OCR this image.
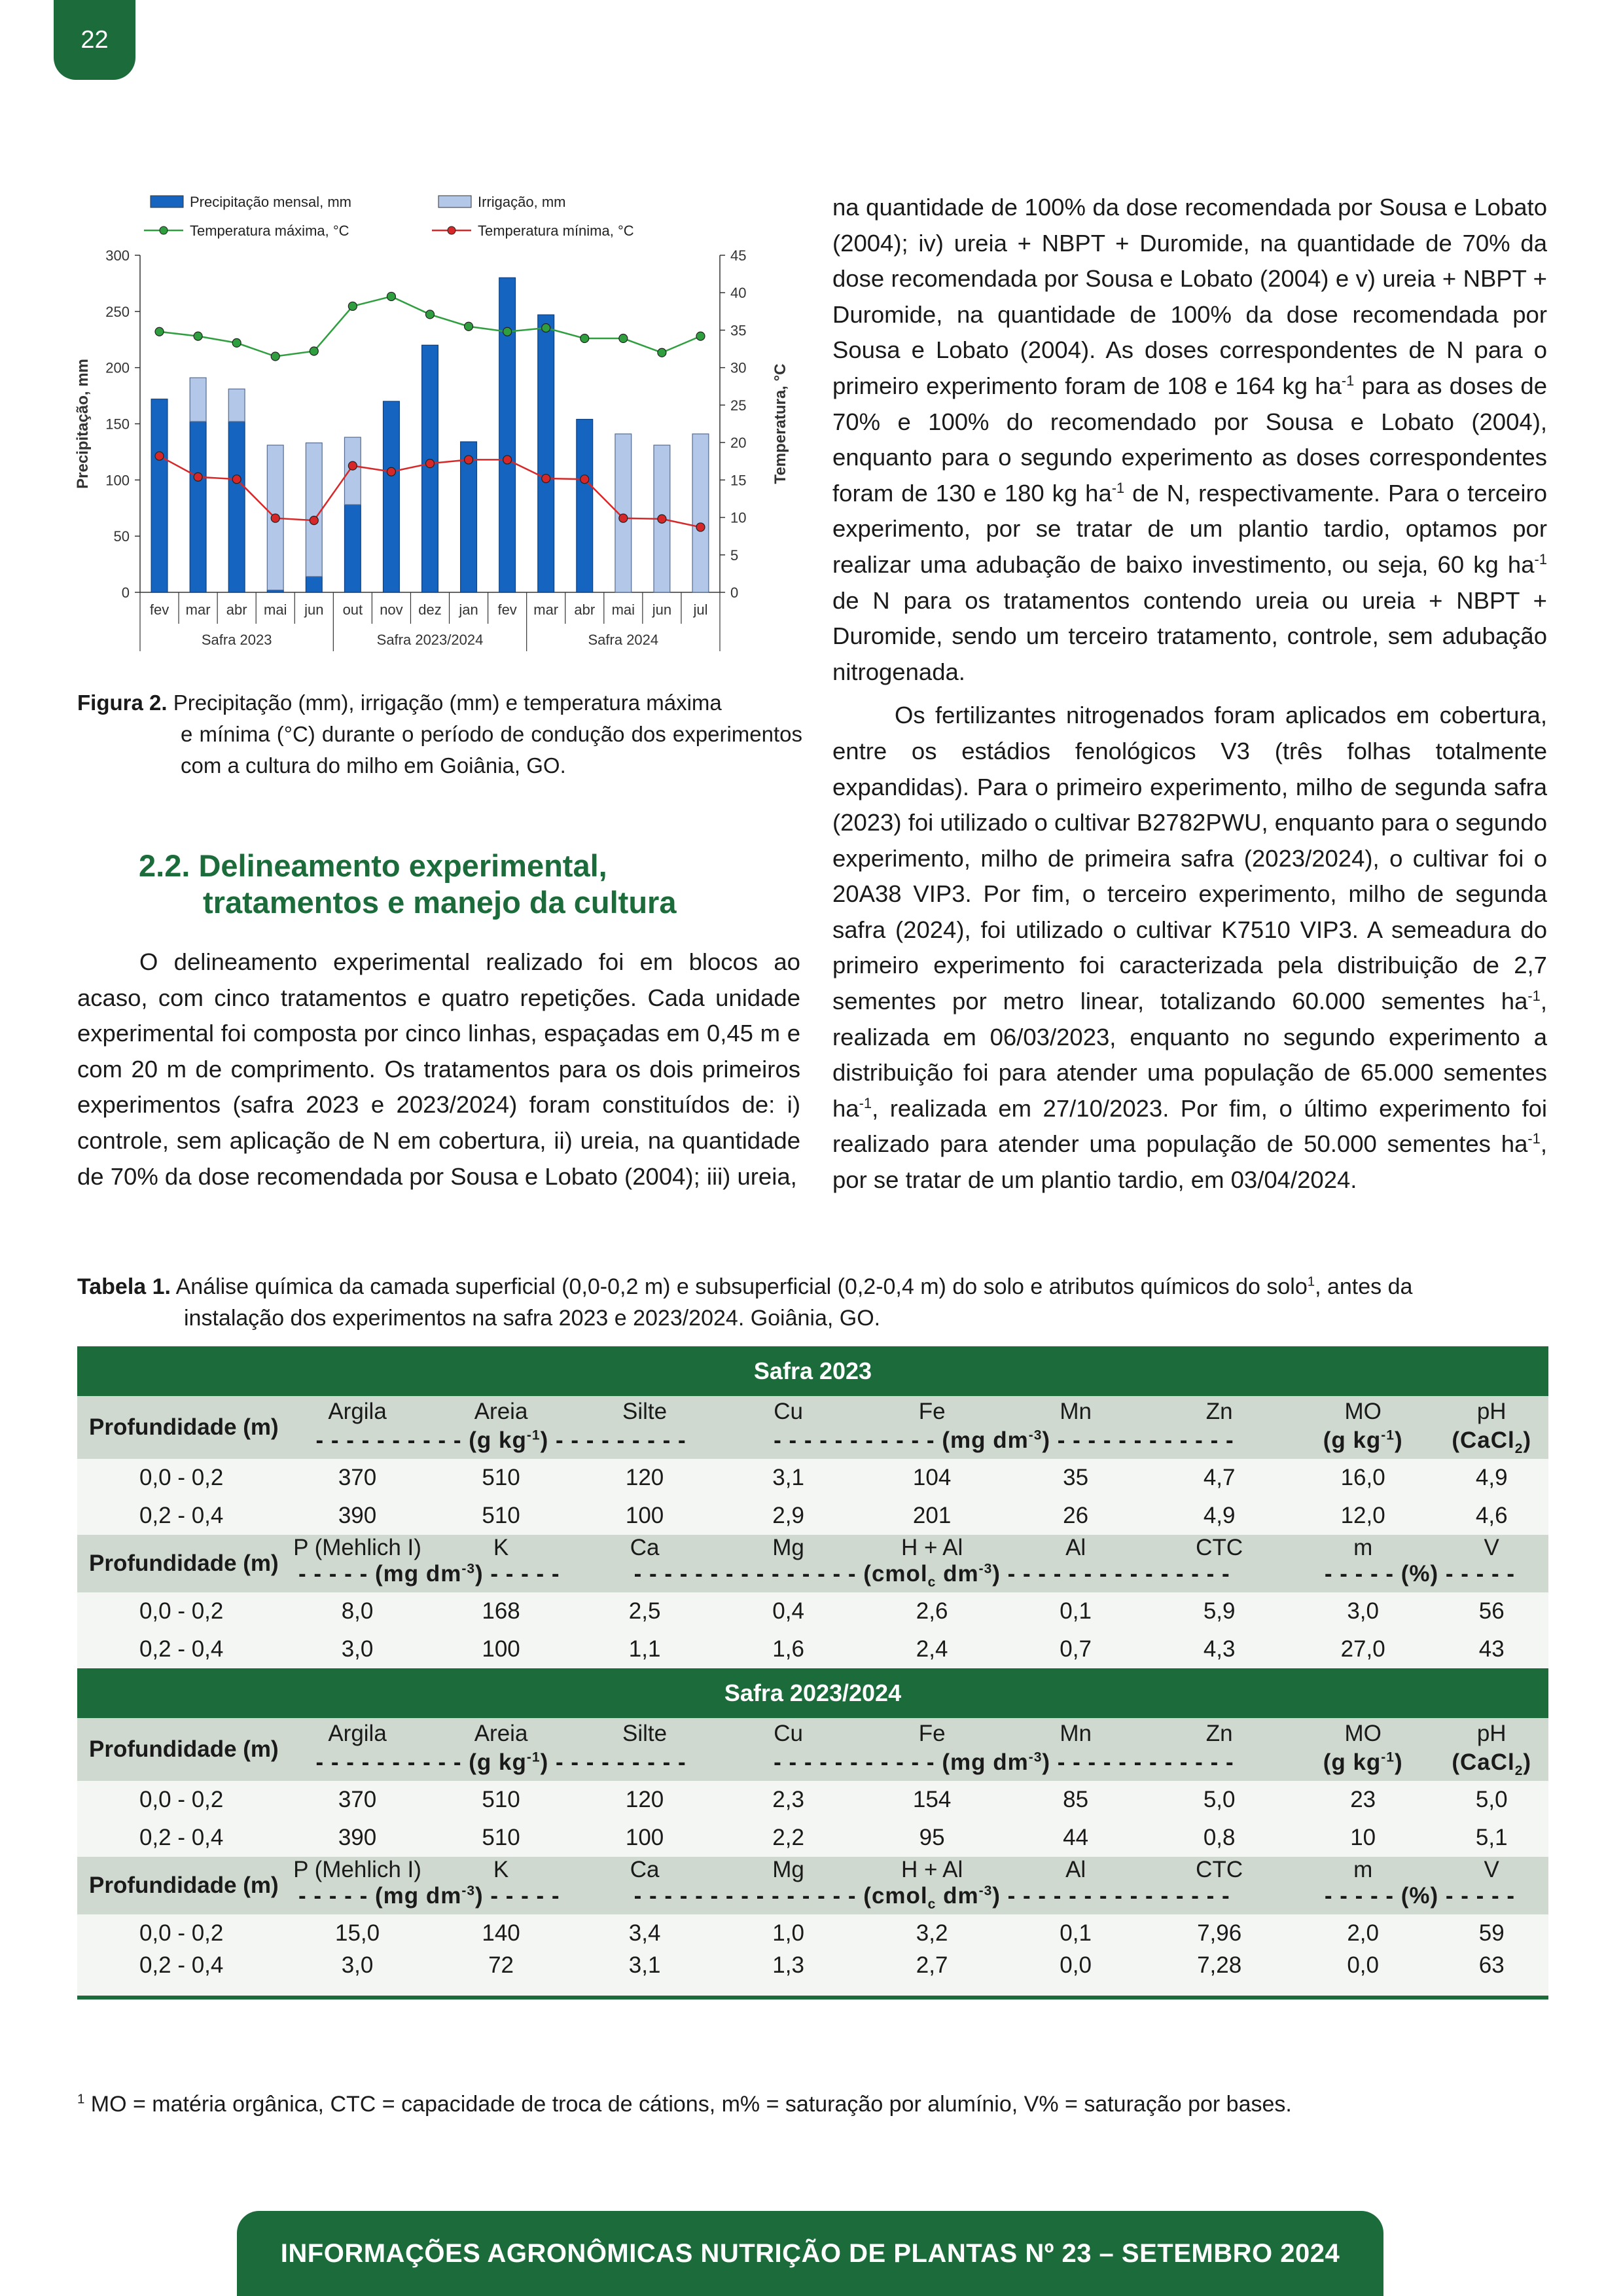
22
0
50
100
150
200
250
300
0
5
10
15
20
25
30
35
40
45
Precipitação, mm	Temperatura, °C
fev mar abr mai jun out nov dez jan fev mar abr mai jun jul
Safra 2023	Safra 2023/2024	Safra 2024
Precipitação mensal, mm	Irrigação, mm
Temperatura máxima, °C	Temperatura mínima, °C
Figura 2. Precipitação (mm), irrigação (mm) e temperatura máxima
e mínima (°C) durante o período de condução dos experimentos com a cultura do milho em Goiânia, GO.
2.2. Delineamento experimental,
tratamentos e manejo da cultura

O delineamento experimental realizado foi em blocos ao acaso, com cinco tratamentos e quatro repetições. Cada unidade experimental foi composta por cinco linhas, espaçadas em 0,45 m e com 20 m de comprimento. Os tratamentos para os dois primeiros experimentos (safra 2023 e 2023/2024) foram constituídos de: i) controle, sem aplicação de N em cobertura, ii) ureia, na quantidade de 70% da dose recomendada por Sousa e Lobato (2004); iii) ureia,

na quantidade de 100% da dose recomendada por Sousa e Lobato (2004); iv) ureia + NBPT + Duromide, na quantidade de 70% da dose recomendada por Sousa e Lobato (2004) e v) ureia + NBPT + Duromide, na quantidade de 100% da dose recomendada por Sousa e Lobato (2004). As doses correspondentes de N para o primeiro experimento foram de 108 e 164 kg $ha^{-1}$ para as doses de 70% e 100% do recomendado por Sousa e Lobato (2004), enquanto para o segundo experimento as doses correspondentes foram de 130 e 180 kg $ha^{-1}$ de N, respectivamente. Para o terceiro experimento, por se tratar de um plantio tardio, optamos por realizar uma adubação de baixo investimento, ou seja, 60 kg $ha^{-1}$ de N para os tratamentos contendo ureia ou ureia + NBPT + Duromide, sendo um terceiro tratamento, controle, sem adubação nitrogenada.

Os fertilizantes nitrogenados foram aplicados em cobertura, entre os estádios fenológicos V3 (três folhas totalmente expandidas). Para o primeiro experimento, milho de segunda safra (2023) foi utilizado o cultivar B2782PWU, enquanto para o segundo experimento, milho de primeira safra (2023/2024), o cultivar foi o 20A38 VIP3. Por fim, o terceiro experimento, milho de segunda safra (2024), foi utilizado o cultivar K7510 VIP3. A semeadura do primeiro experimento foi caracterizada pela distribuição de 2,7 sementes por metro linear, totalizando 60.000 sementes $ha^{-1}$, realizada em 06/03/2023, enquanto no segundo experimento a distribuição foi para atender uma população de 65.000 sementes $ha^{-1}$, realizada em 27/10/2023. Por fim, o último experimento foi realizado para atender uma população de 50.000 sementes $ha^{-1}$, por se tratar de um plantio tardio, em 03/04/2024.

Tabela 1. Análise química da camada superficial (0,0-0,2 m) e subsuperficial (0,2-0,4 m) do solo e atributos químicos do solo$^1$, antes da
instalação dos experimentos na safra 2023 e 2023/2024. Goiânia, GO.
Safra 2023									
Profundidade (m)	Argila	Areia	Silte	Cu	Fe	Mn	Zn	MO	pH
	- - - - - - - - - - (g $kg^{-1}$) - - - - - - - - -			- - - - - - - - - - - (mg $dm^{-3}$) - - - - - - - - - - - -				(g $kg^{-1}$)	(CaCl$_2$)
0,0 - 0,2	370	510	120	3,1	104	35	4,7	16,0	4,9
0,2 - 0,4	390	510	100	2,9	201	26	4,9	12,0	4,6
Profundidade (m)	P (Mehlich I)	K	Ca	Mg	H + Al	Al	CTC	m	V
	- - - - - (mg $dm^{-3}$) - - - - -		- - - - - - - - - - - - - - - (cmol$_c$ $dm^{-3}$) - - - - - - - - - - - - - - -					- - - - - (%) - - - - -	
0,0 - 0,2	8,0	168	2,5	0,4	2,6	0,1	5,9	3,0	56
0,2 - 0,4	3,0	100	1,1	1,6	2,4	0,7	4,3	27,0	43
Safra 2023/2024									
Profundidade (m)	Argila	Areia	Silte	Cu	Fe	Mn	Zn	MO	pH
	- - - - - - - - - - (g $kg^{-1}$) - - - - - - - - -			- - - - - - - - - - - (mg $dm^{-3}$) - - - - - - - - - - - -				(g $kg^{-1}$)	(CaCl$_2$)
0,0 - 0,2	370	510	120	2,3	154	85	5,0	23	5,0
0,2 - 0,4	390	510	100	2,2	95	44	0,8	10	5,1
Profundidade (m)	P (Mehlich I)	K	Ca	Mg	H + Al	Al	CTC	m	V
	- - - - - (mg $dm^{-3}$) - - - - -		- - - - - - - - - - - - - - - (cmol$_c$ $dm^{-3}$) - - - - - - - - - - - - - - -					- - - - - (%) - - - - -	
0,0 - 0,2	15,0	140	3,4	1,0	3,2	0,1	7,96	2,0	59
0,2 - 0,4	3,0	72	3,1	1,3	2,7	0,0	7,28	0,0	63
$^1$ MO = matéria orgânica, CTC = capacidade de troca de cátions, m% = saturação por alumínio, V% = saturação por bases.
INFORMAÇÕES AGRONÔMICAS NUTRIÇÃO DE PLANTAS Nº 23 – SETEMBRO 2024
